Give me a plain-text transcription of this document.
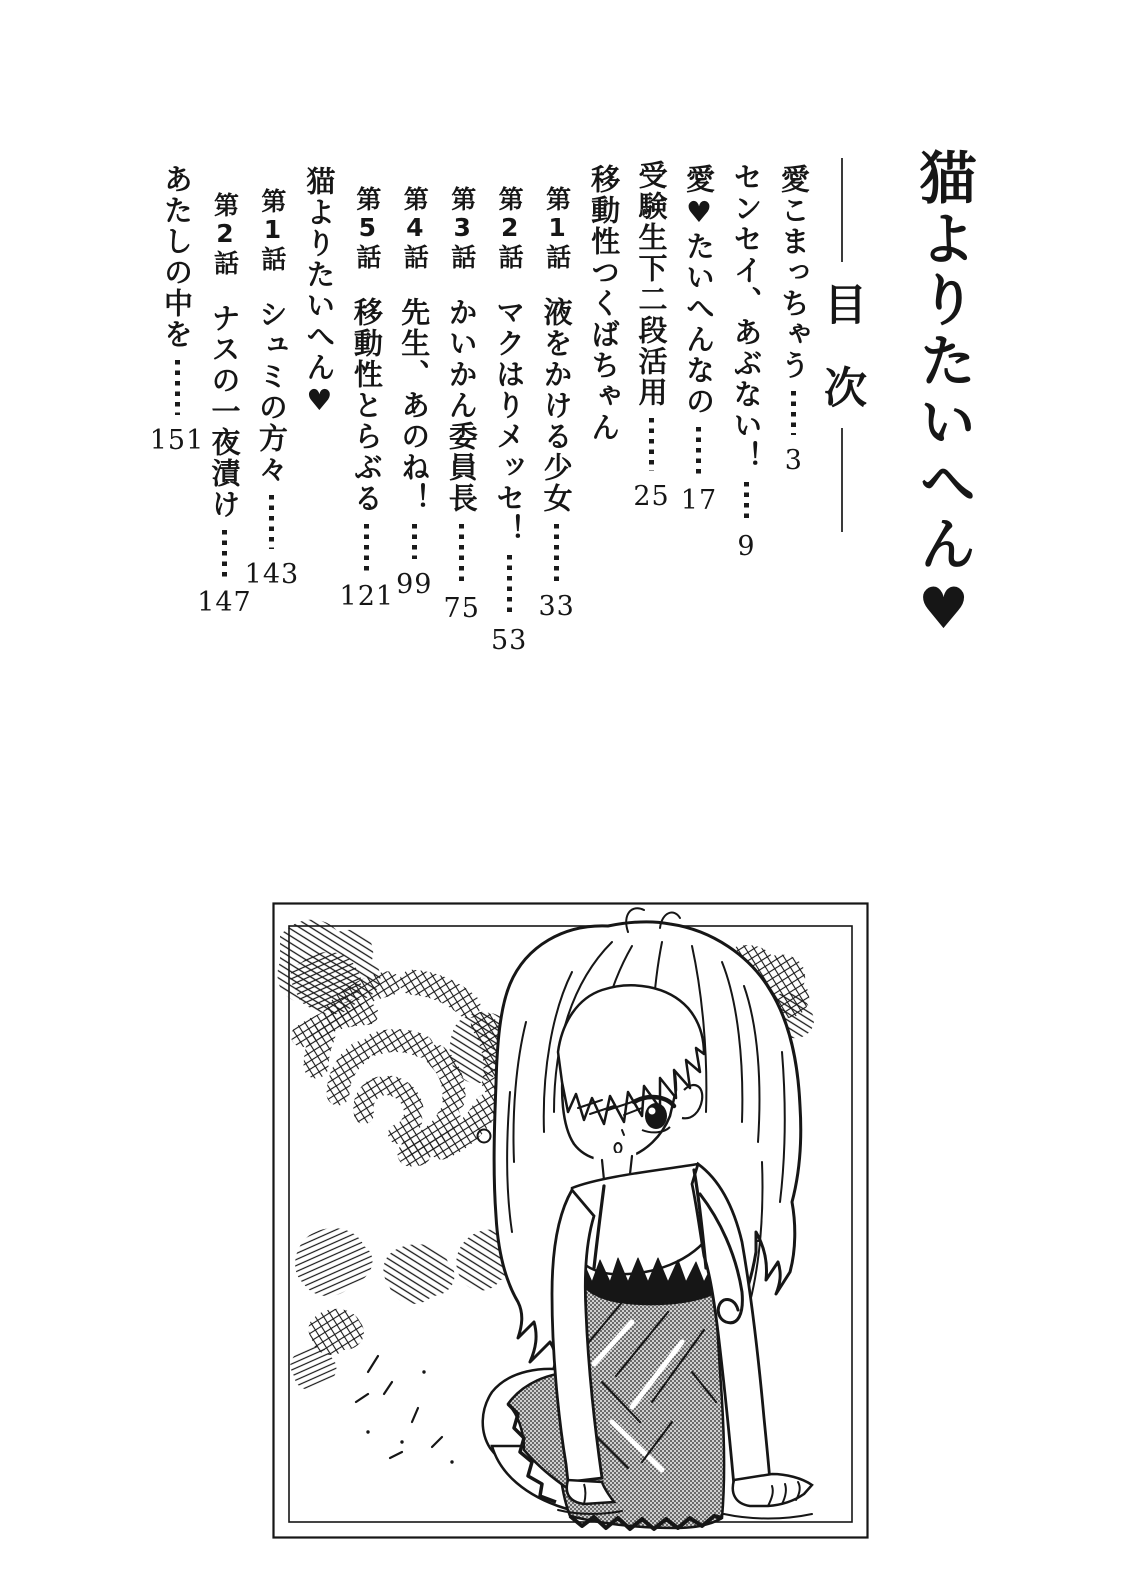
猫よりたいへん♥
目
次
愛こまっちゃう
3
センセイ、あぶない！
9
愛♥たいへんなの
17
受験生下二段活用
25
移動性つくばちゃん
第1話
液をかける少女
33
第2話
マクはりメッセ！
53
第3話
かいかん委員長
75
第4話
先生、あのね！
99
第5話
移動性とらぶる
121
猫よりたいへん♥
第1話
シュミの方々
143
第2話
ナスの一夜漬け
147
あたしの中を
151
